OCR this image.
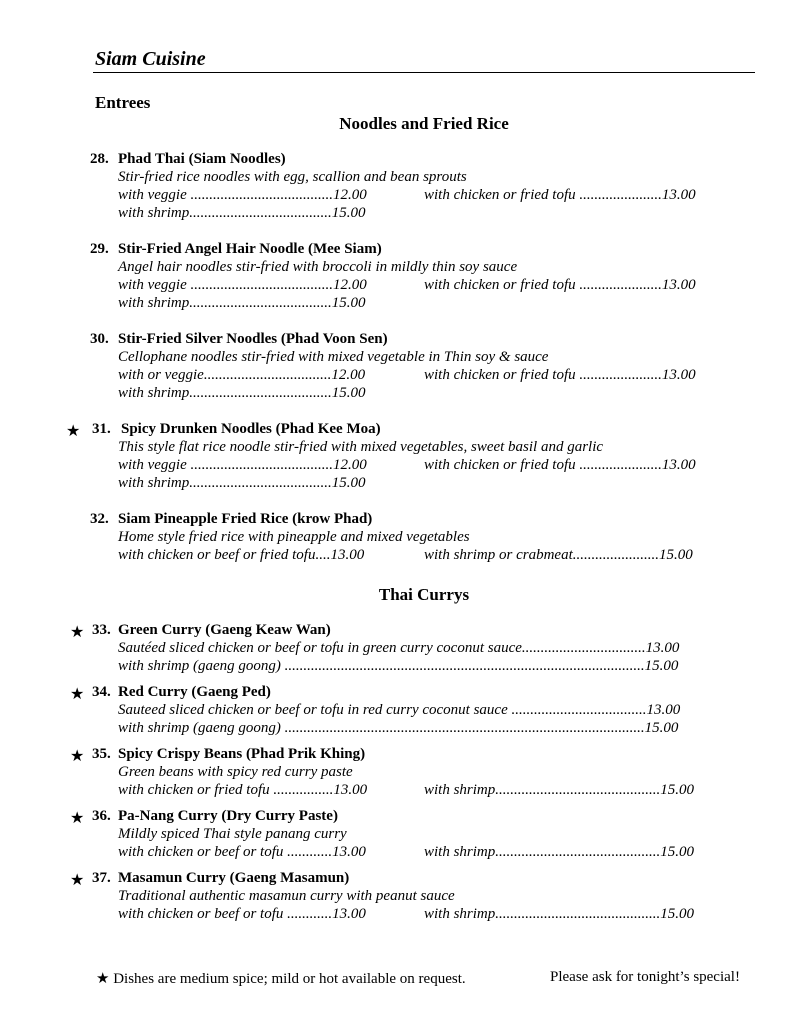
Siam Cuisine
Entrees
Noodles and Fried Rice
28. Phad Thai (Siam Noodles)
Stir-fried rice noodles with egg, scallion and bean sprouts
with veggie ......................................12.00	with chicken or fried tofu ......................13.00
with shrimp......................................15.00
29. Stir-Fried Angel Hair Noodle (Mee Siam)
Angel hair noodles stir-fried with broccoli in mildly thin soy sauce
with veggie ......................................12.00	with chicken or fried tofu ......................13.00
with shrimp......................................15.00
30. Stir-Fried Silver Noodles (Phad Voon Sen)
Cellophane noodles stir-fried with mixed vegetable in Thin soy & sauce
with or veggie..................................12.00	with chicken or fried tofu ......................13.00
with shrimp......................................15.00
★ 31. Spicy Drunken Noodles (Phad Kee Moa)
This style flat rice noodle stir-fried with mixed vegetables, sweet basil and garlic
with veggie ......................................12.00	with chicken or fried tofu ......................13.00
with shrimp......................................15.00
32. Siam Pineapple Fried Rice (krow Phad)
Home style fried rice with pineapple and mixed vegetables
with chicken or beef or fried tofu....13.00	with shrimp or crabmeat.......................15.00
Thai Currys
★ 33. Green Curry (Gaeng Keaw Wan)
Sautéed sliced chicken or beef or tofu in green curry coconut sauce.................................13.00
with shrimp (gaeng goong) ................................................................................................15.00
★ 34. Red Curry (Gaeng Ped)
Sauteed sliced chicken or beef or tofu in red curry coconut sauce ....................................13.00
with shrimp (gaeng goong) ................................................................................................15.00
★ 35. Spicy Crispy Beans (Phad Prik Khing)
Green beans with spicy red curry paste
with chicken or fried tofu ................13.00	with shrimp............................................15.00
★ 36. Pa-Nang Curry (Dry Curry Paste)
Mildly spiced Thai style panang curry
with chicken or beef or tofu ............13.00	with shrimp............................................15.00
★ 37. Masamun Curry (Gaeng Masamun)
Traditional authentic masamun curry with peanut sauce
with chicken or beef or tofu ............13.00	with shrimp............................................15.00
★ Dishes are medium spice; mild or hot available on request.	Please ask for tonight’s special!
